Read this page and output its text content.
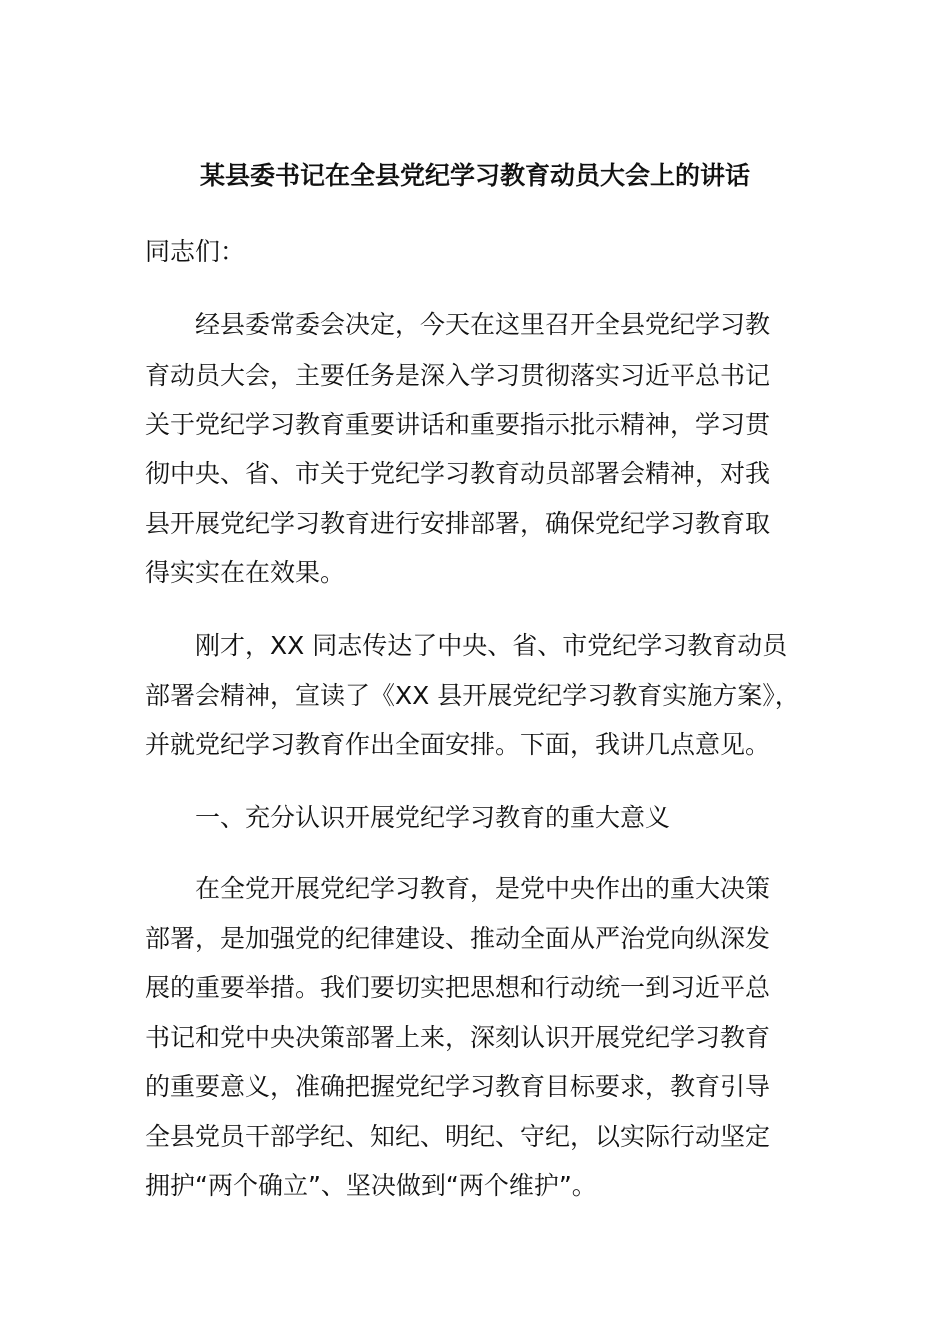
某县委书记在全县党纪学习教育动员大会上的讲话
同志们：
经县委常委会决定，今天在这里召开全县党纪学习教
育动员大会，主要任务是深入学习贯彻落实习近平总书记
关于党纪学习教育重要讲话和重要指示批示精神，学习贯
彻中央、省、市关于党纪学习教育动员部署会精神，对我
县开展党纪学习教育进行安排部署，确保党纪学习教育取
得实实在在效果。
刚才，XX 同志传达了中央、省、市党纪学习教育动员
部署会精神，宣读了《XX 县开展党纪学习教育实施方案》，
并就党纪学习教育作出全面安排。下面，我讲几点意见。
一、充分认识开展党纪学习教育的重大意义
在全党开展党纪学习教育，是党中央作出的重大决策
部署，是加强党的纪律建设、推动全面从严治党向纵深发
展的重要举措。我们要切实把思想和行动统一到习近平总
书记和党中央决策部署上来，深刻认识开展党纪学习教育
的重要意义，准确把握党纪学习教育目标要求，教育引导
全县党员干部学纪、知纪、明纪、守纪，以实际行动坚定
拥护“两个确立”、坚决做到“两个维护”。
